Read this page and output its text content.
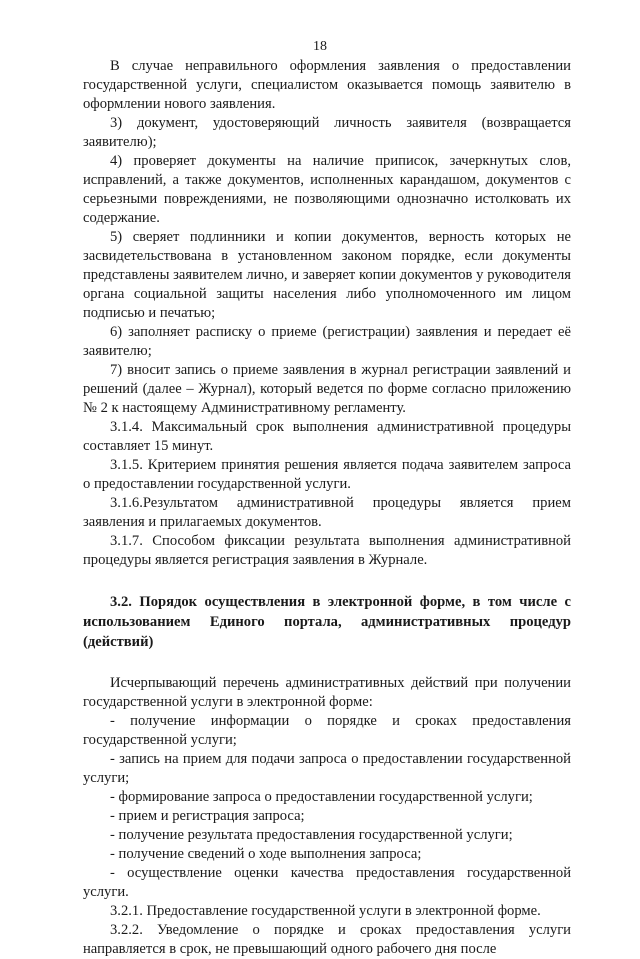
18

В случае неправильного оформления заявления о предоставлении государственной услуги, специалистом оказывается помощь заявителю в оформлении нового заявления.

3) документ, удостоверяющий личность заявителя (возвращается заявителю);

4) проверяет документы на наличие приписок, зачеркнутых слов, исправлений, а также документов, исполненных карандашом, документов с серьезными повреждениями, не позволяющими однозначно истолковать их содержание.

5) сверяет подлинники и копии документов, верность которых не засвидетельствована в установленном законом порядке, если документы представлены заявителем лично, и заверяет копии документов у руководителя органа социальной защиты населения либо уполномоченного им лицом подписью и печатью;

6) заполняет расписку о приеме (регистрации) заявления и передает её заявителю;

7) вносит запись о приеме заявления в журнал регистрации заявлений и решений (далее – Журнал), который ведется по форме согласно приложению № 2 к настоящему Административному регламенту.

3.1.4. Максимальный срок выполнения административной процедуры составляет 15 минут.

3.1.5. Критерием принятия решения является подача заявителем запроса о предоставлении государственной услуги.

3.1.6.Результатом административной процедуры является прием заявления и прилагаемых документов.

3.1.7. Способом фиксации результата выполнения административной процедуры является регистрация заявления в Журнале.

3.2. Порядок осуществления в электронной форме, в том числе с использованием Единого портала, административных процедур (действий)

Исчерпывающий перечень административных действий при получении государственной услуги в электронной форме:

- получение информации о порядке и сроках предоставления государственной услуги;

- запись на прием для подачи запроса о предоставлении государственной услуги;

- формирование запроса о предоставлении государственной услуги;

- прием и регистрация запроса;

- получение результата предоставления государственной услуги;

- получение сведений о ходе выполнения запроса;

- осуществление оценки качества предоставления государственной услуги.

3.2.1. Предоставление государственной услуги в электронной форме.

3.2.2. Уведомление о порядке и сроках предоставления услуги направляется в срок, не превышающий одного рабочего дня после
